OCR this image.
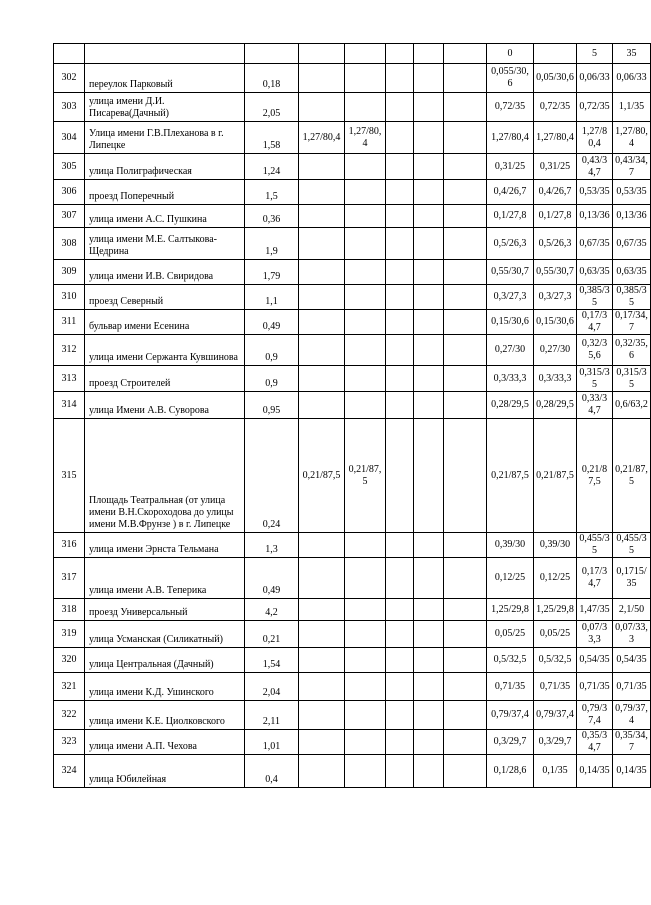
								0		5	35
302	переулок Парковый	0,18						0,055/30,6	0,05/30,6	0,06/33	0,06/33
303	улица имени Д.И. Писарева(Дачный)	2,05						0,72/35	0,72/35	0,72/35	1,1/35
304	Улица имени Г.В.Плеханова в г. Липецке	1,58	1,27/80,4	1,27/80,4				1,27/80,4	1,27/80,4	1,27/80,4	1,27/80,4
305	улица Полиграфическая	1,24						0,31/25	0,31/25	0,43/34,7	0,43/34,7
306	проезд Поперечный	1,5						0,4/26,7	0,4/26,7	0,53/35	0,53/35
307	улица имени А.С. Пушкина	0,36						0,1/27,8	0,1/27,8	0,13/36	0,13/36
308	улица имени М.Е. Салтыкова-Щедрина	1,9						0,5/26,3	0,5/26,3	0,67/35	0,67/35
309	улица имени И.В. Свиридова	1,79						0,55/30,7	0,55/30,7	0,63/35	0,63/35
310	проезд Северный	1,1						0,3/27,3	0,3/27,3	0,385/35	0,385/35
311	бульвар имени Есенина	0,49						0,15/30,6	0,15/30,6	0,17/34,7	0,17/34,7
312	улица имени Сержанта Кувшинова	0,9						0,27/30	0,27/30	0,32/35,6	0,32/35,6
313	проезд Строителей	0,9						0,3/33,3	0,3/33,3	0,315/35	0,315/35
314	улица Имени А.В. Суворова	0,95						0,28/29,5	0,28/29,5	0,33/34,7	0,6/63,2
315	Площадь Театральная (от улица имени В.Н.Скороходова до улицы имени М.В.Фрунзе ) в г. Липецке	0,24	0,21/87,5	0,21/87,5				0,21/87,5	0,21/87,5	0,21/87,5	0,21/87,5
316	улица имени Эрнста Тельмана	1,3						0,39/30	0,39/30	0,455/35	0,455/35
317	улица имени А.В. Теперика	0,49						0,12/25	0,12/25	0,17/34,7	0,1715/35
318	проезд Универсальный	4,2						1,25/29,8	1,25/29,8	1,47/35	2,1/50
319	улица Усманская (Силикатный)	0,21						0,05/25	0,05/25	0,07/33,3	0,07/33,3
320	улица Центральная (Дачный)	1,54						0,5/32,5	0,5/32,5	0,54/35	0,54/35
321	улица имени К.Д. Ушинского	2,04						0,71/35	0,71/35	0,71/35	0,71/35
322	улица имени К.Е. Циолковского	2,11						0,79/37,4	0,79/37,4	0,79/37,4	0,79/37,4
323	улица имени А.П. Чехова	1,01						0,3/29,7	0,3/29,7	0,35/34,7	0,35/34,7
324	улица Юбилейная	0,4						0,1/28,6	0,1/35	0,14/35	0,14/35
